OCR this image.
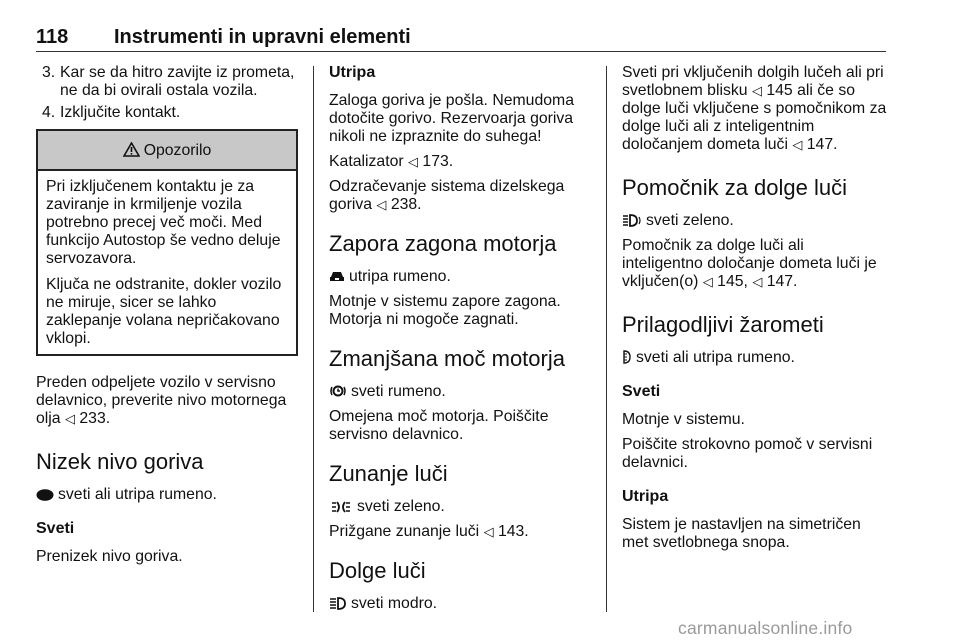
118 Instrumenti in upravni elementi
3. Kar se da hitro zavijte iz prometa, ne da bi ovirali ostala vozila.
4. Izključite kontakt.
Opozorilo

Pri izključenem kontaktu je za zaviranje in krmiljenje vozila potrebno precej več moči. Med funkcijo Autostop še vedno deluje servozavora.

Ključa ne odstranite, dokler vozilo ne miruje, sicer se lahko zaklepanje volana nepričakovano vklopi.

Preden odpeljete vozilo v servisno delavnico, preverite nivo motornega olja ◁ 233.

Nizek nivo goriva

sveti ali utripa rumeno.

Sveti

Prenizek nivo goriva.

Utripa

Zaloga goriva je pošla. Nemudoma dotočite gorivo. Rezervoarja goriva nikoli ne izpraznite do suhega!

Katalizator ◁ 173.

Odzračevanje sistema dizelskega goriva ◁ 238.

Zapora zagona motorja

utripa rumeno.

Motnje v sistemu zapore zagona. Motorja ni mogoče zagnati.

Zmanjšana moč motorja

sveti rumeno.

Omejena moč motorja. Poiščite servisno delavnico.

Zunanje luči

sveti zeleno.

Prižgane zunanje luči ◁ 143.

Dolge luči

sveti modro.

Sveti pri vključenih dolgih lučeh ali pri svetlobnem blisku ◁ 145 ali če so dolge luči vključene s pomočnikom za dolge luči ali z inteligentnim določanjem dometa luči ◁ 147.

Pomočnik za dolge luči

sveti zeleno.

Pomočnik za dolge luči ali inteligentno določanje dometa luči je vključen(o) ◁ 145, ◁ 147.

Prilagodljivi žarometi

sveti ali utripa rumeno.

Sveti

Motnje v sistemu.

Poiščite strokovno pomoč v servisni delavnici.

Utripa

Sistem je nastavljen na simetričen met svetlobnega snopa.

carmanualsonline.info
